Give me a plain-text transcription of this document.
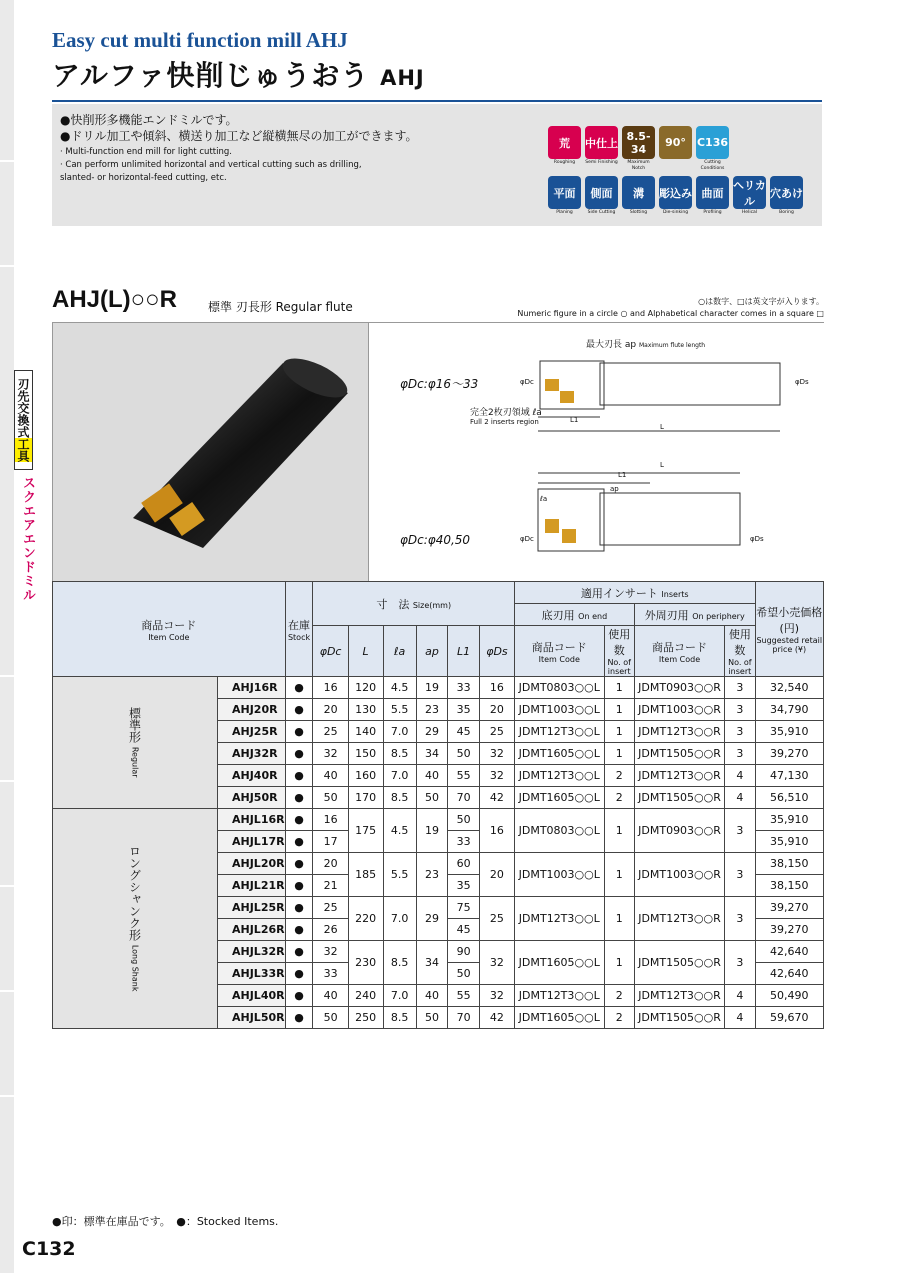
刃先交換式
工具
スクエアエンドミル
Easy cut multi function mill AHJ
アルファ快削じゅうおう AHJ
●快削形多機能エンドミルです。
●ドリル加工や傾斜、横送り加工など縦横無尽の加工ができます。
· Multi-function end mill for light cutting.
· Can perform unlimited horizontal and vertical cutting such as drilling,
slanted- or horizontal-feed cutting, etc.
荒
Roughing
中仕上
Semi Finishing
8.5-34
Maximum Notch
90°	C136
Cutting Conditions
平面
Planing
側面
Side Cutting
溝
Slotting
彫込み
Die-sinking
曲面
Profiling
ヘリカル
Helical
穴あけ
Boring
AHJ(L)○○R	標準 刃長形 Regular flute	○は数字、□は英文字が入ります。
Numeric figure in a circle ○ and Alphabetical character comes in a square □
φDc:φ16～33
φDc:φ40,50
最大刃長 ap Maximum flute length
完全2枚刃領域 ℓa
Full 2 inserts region
φDc	φDs
L
L1
L
L1
ap
ℓa
φDc	φDs
商品コード
Item Code		在庫
Stock	寸　法 Size(mm)						適用インサート Inserts				希望小売価格
(円)
Suggested retail price (¥)

									底刃用 On end		外周刃用 On periphery		
			φDc	L	ℓa	ap	L1	φDs	商品コード
Item Code	使用数
No. of insert	商品コード
Item Code	使用数
No. of insert	

標準形 Regular	AHJ16R	●	16	120	4.5	19	33	16	JDMT0803○○L	1	JDMT0903○○R	3	32,540
	AHJ20R	●	20	130	5.5	23	35	20	JDMT1003○○L	1	JDMT1003○○R	3	34,790
	AHJ25R	●	25	140	7.0	29	45	25	JDMT12T3○○L	1	JDMT12T3○○R	3	35,910
	AHJ32R	●	32	150	8.5	34	50	32	JDMT1605○○L	1	JDMT1505○○R	3	39,270
	AHJ40R	●	40	160	7.0	40	55	32	JDMT12T3○○L	2	JDMT12T3○○R	4	47,130
	AHJ50R	●	50	170	8.5	50	70	42	JDMT1605○○L	2	JDMT1505○○R	4	56,510
ロングシャンク形 Long Shank	AHJL16R	●	16	175	4.5	19	50	16	JDMT0803○○L	1	JDMT0903○○R	3	35,910
	AHJL17R	●	17				33						35,910
	AHJL20R	●	20	185	5.5	23	60	20	JDMT1003○○L	1	JDMT1003○○R	3	38,150
	AHJL21R	●	21				35						38,150
	AHJL25R	●	25	220	7.0	29	75	25	JDMT12T3○○L	1	JDMT12T3○○R	3	39,270
	AHJL26R	●	26				45						39,270
	AHJL32R	●	32	230	8.5	34	90	32	JDMT1605○○L	1	JDMT1505○○R	3	42,640
	AHJL33R	●	33				50						42,640
	AHJL40R	●	40	240	7.0	40	55	32	JDMT12T3○○L	2	JDMT12T3○○R	4	50,490
	AHJL50R	●	50	250	8.5	50	70	42	JDMT1605○○L	2	JDMT1505○○R	4	59,670
●印：標準在庫品です。　●：Stocked Items.
C132
